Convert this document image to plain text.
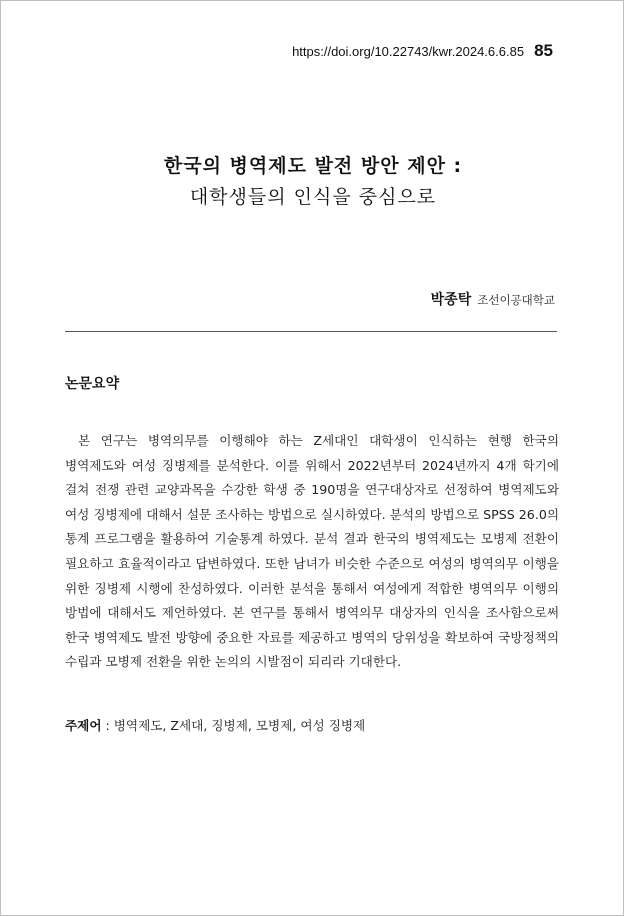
https://doi.org/10.22743/kwr.2024.6.6.85 85
한국의 병역제도 발전 방안 제안 :

대학생들의 인식을 중심으로

박종탁 조선이공대학교
논문요약

본 연구는 병역의무를 이행해야 하는 Z세대인 대학생이 인식하는 현행 한국의 병역제도와 여성 징병제를 분석한다. 이를 위해서 2022년부터 2024년까지 4개 학기에 걸쳐 전쟁 관련 교양과목을 수강한 학생 중 190명을 연구대상자로 선정하여 병역제도와 여성 징병제에 대해서 설문 조사하는 방법으로 실시하였다. 분석의 방법으로 SPSS 26.0의 통계 프로그램을 활용하여 기술통계 하였다. 분석 결과 한국의 병역제도는 모병제 전환이 필요하고 효율적이라고 답변하였다. 또한 남녀가 비슷한 수준으로 여성의 병역의무 이행을 위한 징병제 시행에 찬성하였다. 이러한 분석을 통해서 여성에게 적합한 병역의무 이행의 방법에 대해서도 제언하였다. 본 연구를 통해서 병역의무 대상자의 인식을 조사함으로써 한국 병역제도 발전 방향에 중요한 자료를 제공하고 병역의 당위성을 확보하여 국방정책의 수립과 모병제 전환을 위한 논의의 시발점이 되리라 기대한다.

주제어 : 병역제도, Z세대, 징병제, 모병제, 여성 징병제
